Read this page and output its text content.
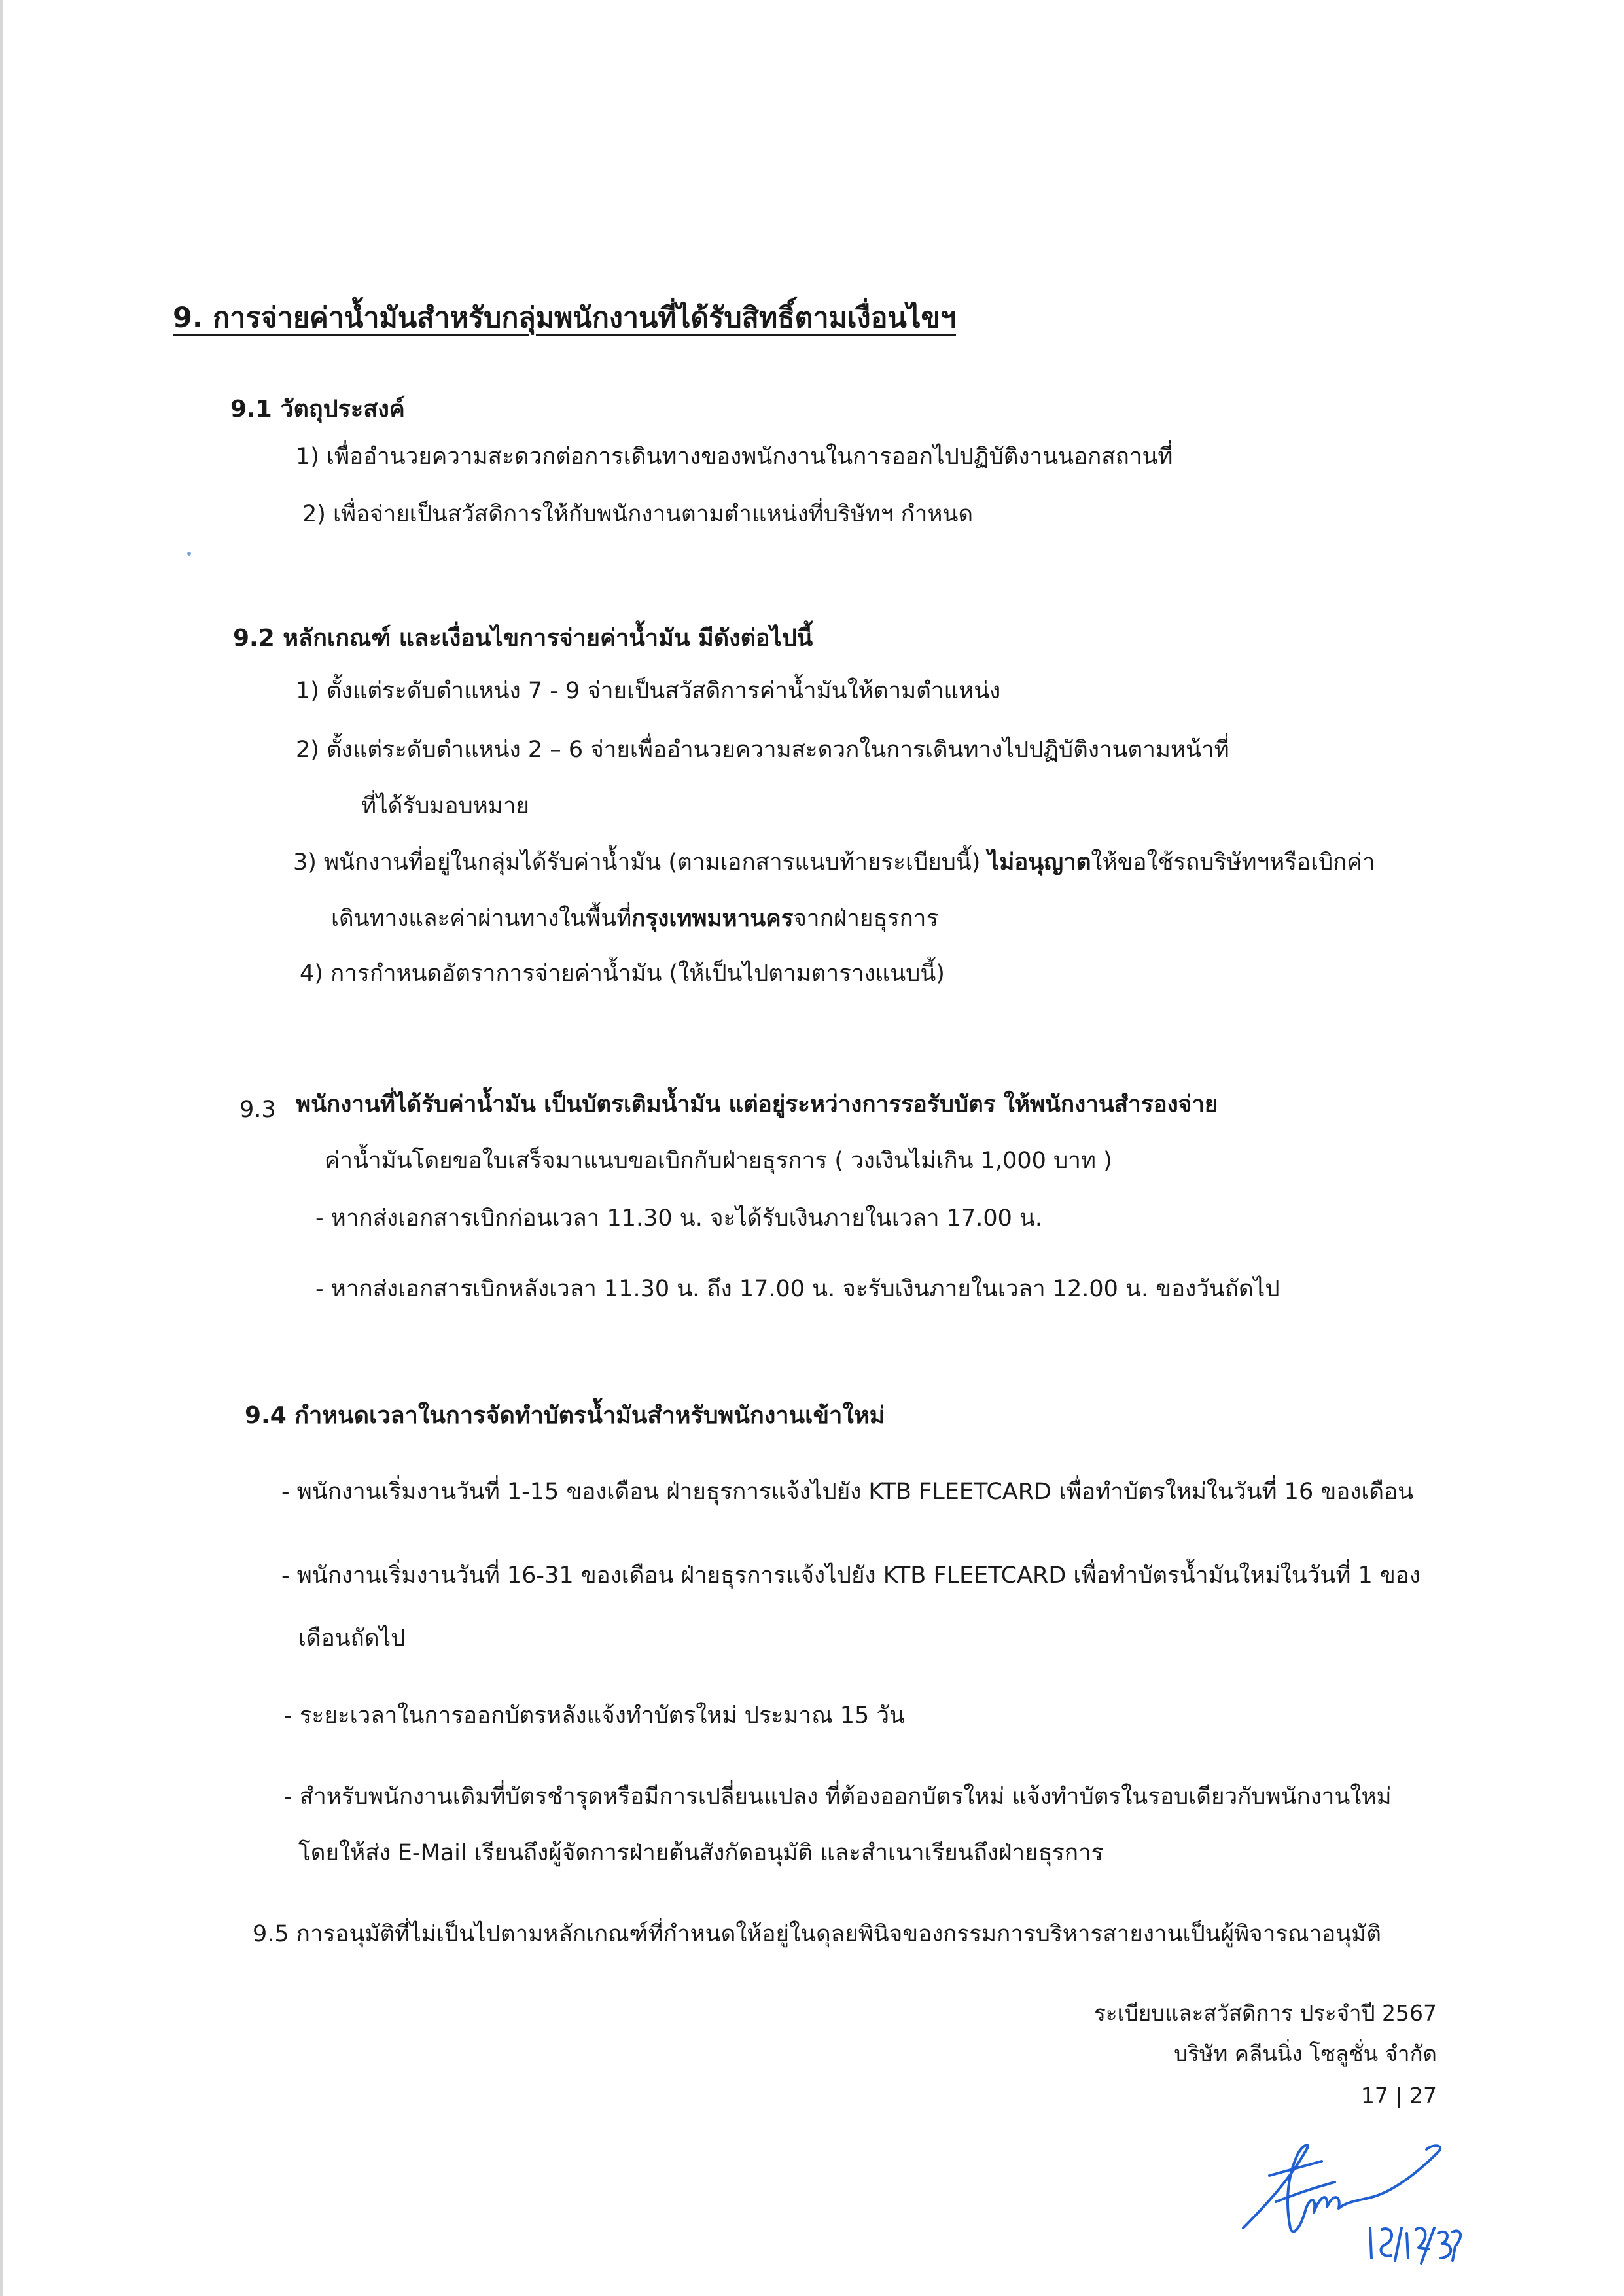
9. การจ่ายค่าน้ำมันสำหรับกลุ่มพนักงานที่ได้รับสิทธิ์ตามเงื่อนไขฯ
9.1 วัตถุประสงค์
1) เพื่ออำนวยความสะดวกต่อการเดินทางของพนักงานในการออกไปปฏิบัติงานนอกสถานที่
2) เพื่อจ่ายเป็นสวัสดิการให้กับพนักงานตามตำแหน่งที่บริษัทฯ กำหนด
9.2 หลักเกณฑ์ และเงื่อนไขการจ่ายค่าน้ำมัน มีดังต่อไปนี้
1) ตั้งแต่ระดับตำแหน่ง 7 - 9 จ่ายเป็นสวัสดิการค่าน้ำมันให้ตามตำแหน่ง
2) ตั้งแต่ระดับตำแหน่ง 2 – 6 จ่ายเพื่ออำนวยความสะดวกในการเดินทางไปปฏิบัติงานตามหน้าที่
ที่ได้รับมอบหมาย
3) พนักงานที่อยู่ในกลุ่มได้รับค่าน้ำมัน (ตามเอกสารแนบท้ายระเบียบนี้) ไม่อนุญาตให้ขอใช้รถบริษัทฯหรือเบิกค่า
เดินทางและค่าผ่านทางในพื้นที่กรุงเทพมหานครจากฝ่ายธุรการ
4) การกำหนดอัตราการจ่ายค่าน้ำมัน (ให้เป็นไปตามตารางแนบนี้)
9.3 พนักงานที่ได้รับค่าน้ำมัน เป็นบัตรเติมน้ำมัน แต่อยู่ระหว่างการรอรับบัตร ให้พนักงานสำรองจ่าย
ค่าน้ำมันโดยขอใบเสร็จมาแนบขอเบิกกับฝ่ายธุรการ ( วงเงินไม่เกิน 1,000 บาท )
- หากส่งเอกสารเบิกก่อนเวลา 11.30 น. จะได้รับเงินภายในเวลา 17.00 น.
- หากส่งเอกสารเบิกหลังเวลา 11.30 น. ถึง 17.00 น. จะรับเงินภายในเวลา 12.00 น. ของวันถัดไป
9.4 กำหนดเวลาในการจัดทำบัตรน้ำมันสำหรับพนักงานเข้าใหม่
- พนักงานเริ่มงานวันที่ 1-15 ของเดือน ฝ่ายธุรการแจ้งไปยัง KTB FLEETCARD เพื่อทำบัตรใหม่ในวันที่ 16 ของเดือน
- พนักงานเริ่มงานวันที่ 16-31 ของเดือน ฝ่ายธุรการแจ้งไปยัง KTB FLEETCARD เพื่อทำบัตรน้ำมันใหม่ในวันที่ 1 ของ
เดือนถัดไป
- ระยะเวลาในการออกบัตรหลังแจ้งทำบัตรใหม่ ประมาณ 15 วัน
- สำหรับพนักงานเดิมที่บัตรชำรุดหรือมีการเปลี่ยนแปลง ที่ต้องออกบัตรใหม่ แจ้งทำบัตรในรอบเดียวกับพนักงานใหม่
โดยให้ส่ง E-Mail เรียนถึงผู้จัดการฝ่ายต้นสังกัดอนุมัติ และสำเนาเรียนถึงฝ่ายธุรการ
9.5 การอนุมัติที่ไม่เป็นไปตามหลักเกณฑ์ที่กำหนดให้อยู่ในดุลยพินิจของกรรมการบริหารสายงานเป็นผู้พิจารณาอนุมัติ
ระเบียบและสวัสดิการ ประจำปี 2567
บริษัท คลีนนิ่ง โซลูชั่น จำกัด
17 | 27
